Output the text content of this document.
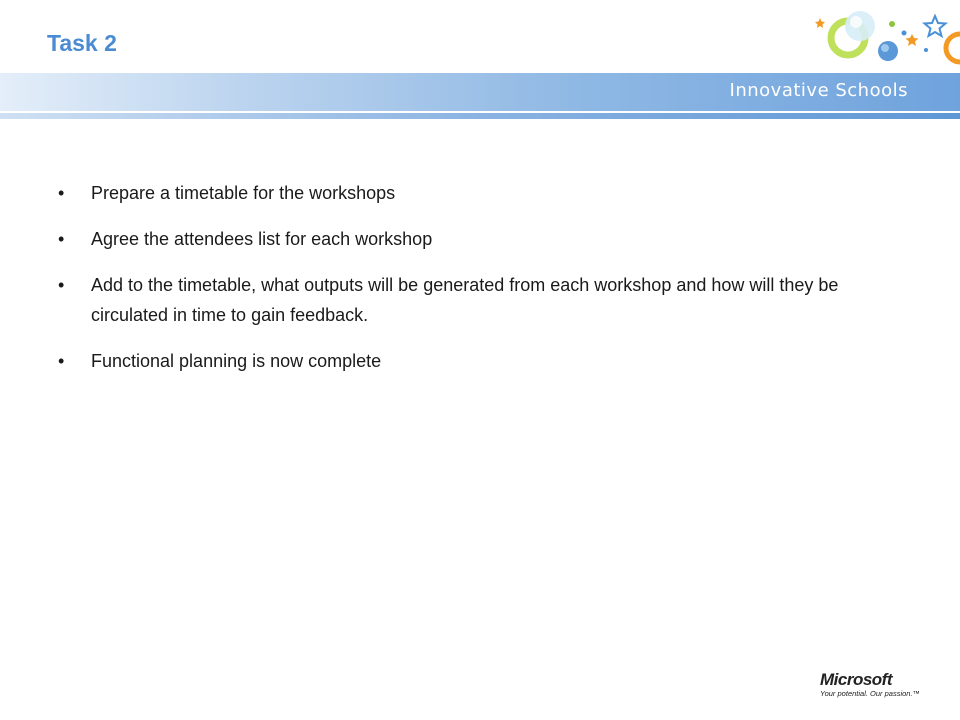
Task 2
Innovative Schools
• Prepare a timetable for the workshops
• Agree the attendees list for each workshop
• Add to the timetable, what outputs will be generated from each workshop and how will they be circulated in time to gain feedback.
• Functional planning is now complete
Microsoft
Your potential. Our passion.™
